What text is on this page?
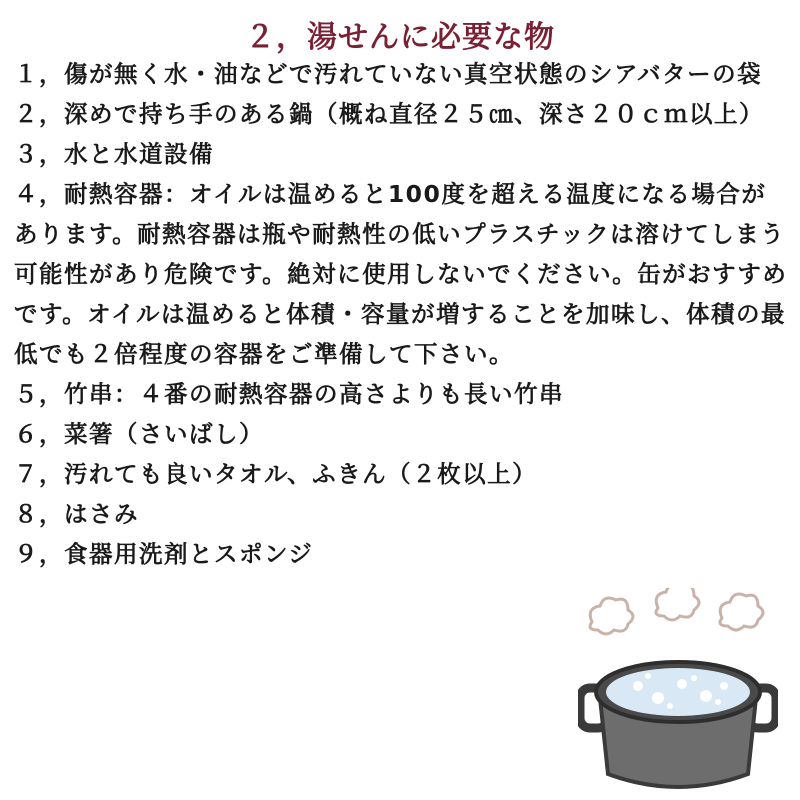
２，湯せんに必要な物
１，傷が無く水・油などで汚れていない真空状態のシアバターの袋
２，深めで持ち手のある鍋（概ね直径２５㎝、深さ２０ｃｍ以上）
３，水と水道設備
４，耐熱容器：オイルは温めると100度を超える温度になる場合があります。耐熱容器は瓶や耐熱性の低いプラスチックは溶けてしまう可能性があり危険です。絶対に使用しないでください。缶がおすすめです。オイルは温めると体積・容量が増することを加味し、体積の最低でも２倍程度の容器をご準備して下さい。
５，竹串：４番の耐熱容器の高さよりも長い竹串
６，菜箸（さいばし）
７，汚れても良いタオル、ふきん（２枚以上）
８，はさみ
９，食器用洗剤とスポンジ
